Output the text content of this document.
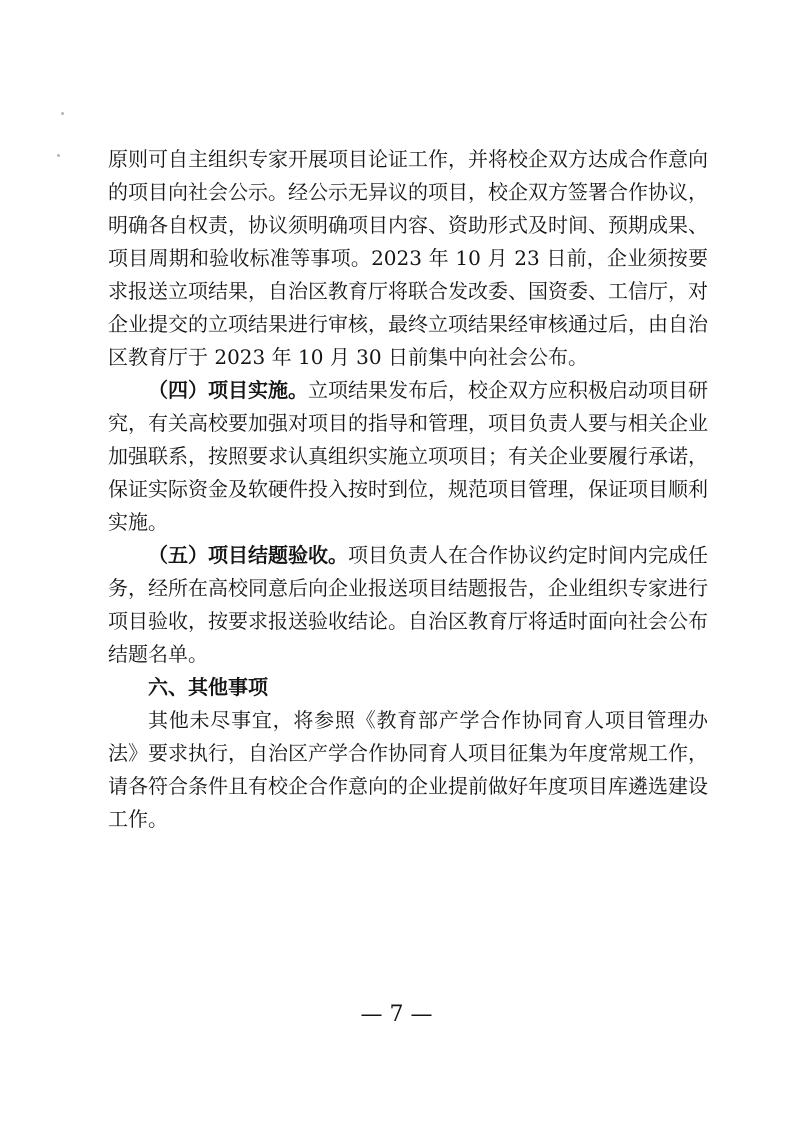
原则可自主组织专家开展项目论证工作，并将校企双方达成合作意向的项目向社会公示。经公示无异议的项目，校企双方签署合作协议，明确各自权责，协议须明确项目内容、资助形式及时间、预期成果、项目周期和验收标准等事项。2023 年 10 月 23 日前，企业须按要求报送立项结果，自治区教育厅将联合发改委、国资委、工信厅，对企业提交的立项结果进行审核，最终立项结果经审核通过后，由自治区教育厅于 2023 年 10 月 30 日前集中向社会公布。

（四）项目实施。立项结果发布后，校企双方应积极启动项目研究，有关高校要加强对项目的指导和管理，项目负责人要与相关企业加强联系，按照要求认真组织实施立项项目；有关企业要履行承诺，保证实际资金及软硬件投入按时到位，规范项目管理，保证项目顺利实施。

（五）项目结题验收。项目负责人在合作协议约定时间内完成任务，经所在高校同意后向企业报送项目结题报告，企业组织专家进行项目验收，按要求报送验收结论。自治区教育厅将适时面向社会公布结题名单。

六、其他事项

其他未尽事宜，将参照《教育部产学合作协同育人项目管理办法》要求执行，自治区产学合作协同育人项目征集为年度常规工作，请各符合条件且有校企合作意向的企业提前做好年度项目库遴选建设工作。

— 7 —
